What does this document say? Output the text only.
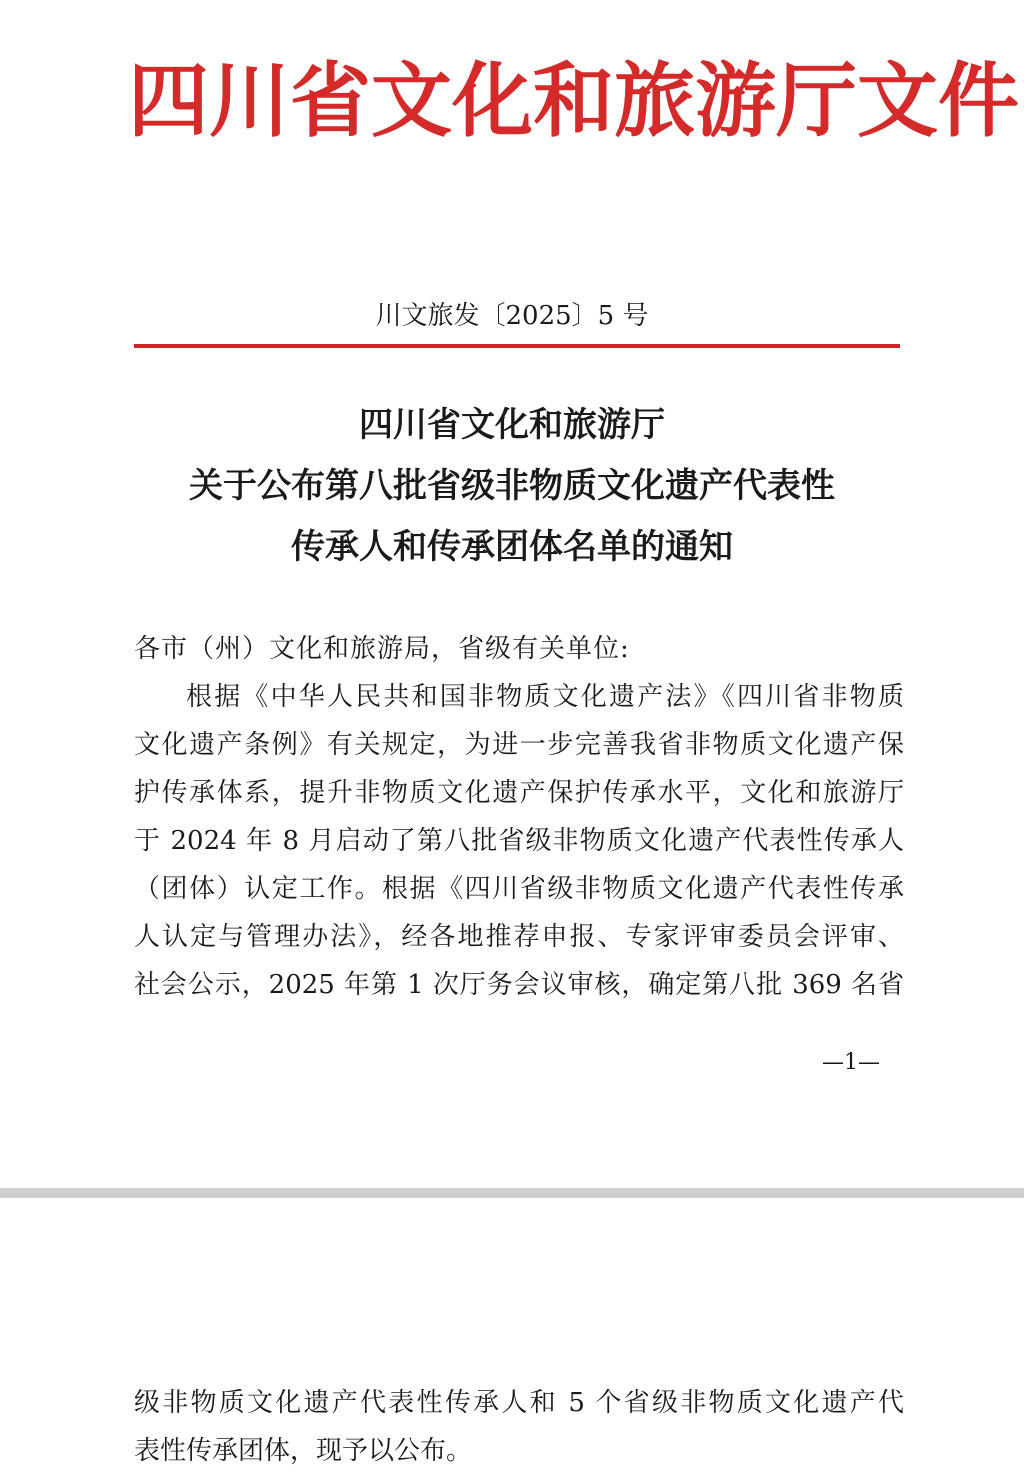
四川省文化和旅游厅文件
川文旅发〔2025〕5 号
四川省文化和旅游厅
关于公布第八批省级非物质文化遗产代表性
传承人和传承团体名单的通知
各市（州）文化和旅游局，省级有关单位:
根据《中华人民共和国非物质文化遗产法》《四川省非物质
文化遗产条例》有关规定，为进一步完善我省非物质文化遗产保
护传承体系，提升非物质文化遗产保护传承水平，文化和旅游厅
于 2024 年 8 月启动了第八批省级非物质文化遗产代表性传承人
（团体）认定工作。根据《四川省级非物质文化遗产代表性传承
人认定与管理办法》，经各地推荐申报、专家评审委员会评审、
社会公示，2025 年第 1 次厅务会议审核，确定第八批 369 名省
—1—
级非物质文化遗产代表性传承人和 5 个省级非物质文化遗产代
表性传承团体，现予以公布。
